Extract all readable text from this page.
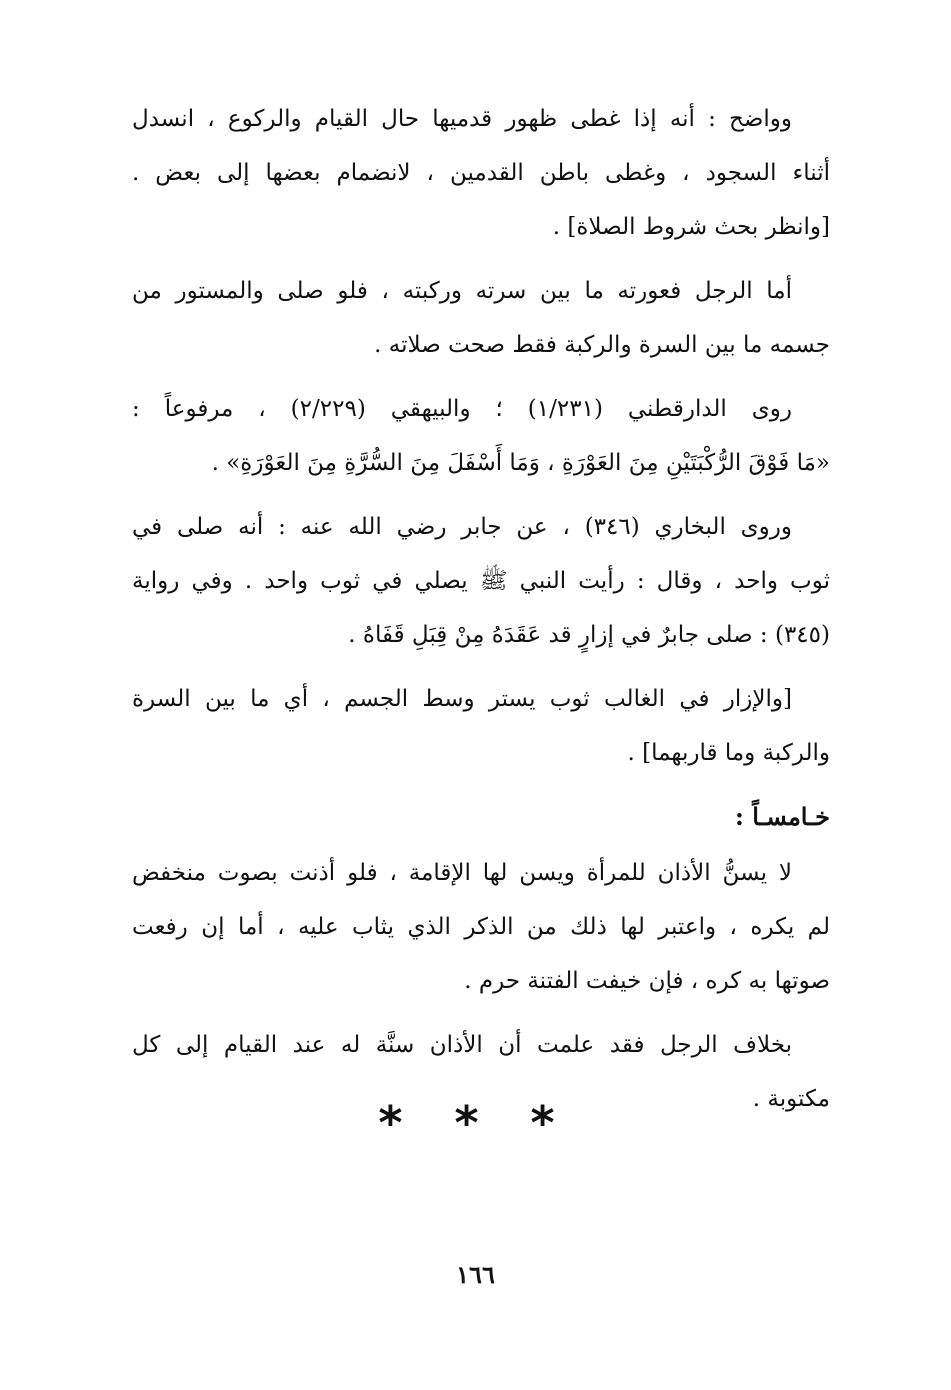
وواضح : أنه إذا غطى ظهور قدميها حال القيام والركوع ، انسدل
أثناء السجود ، وغطى باطن القدمين ، لانضمام بعضها إلى بعض .
[وانظر بحث شروط الصلاة] .
أما الرجل فعورته ما بين سرته وركبته ، فلو صلى والمستور من
جسمه ما بين السرة والركبة فقط صحت صلاته .
روى الدارقطني (١/٢٣١) ؛ والبيهقي (٢/٢٢٩) ، مرفوعاً :
«مَا فَوْقَ الرُّكْبَتَيْنِ مِنَ العَوْرَةِ ، وَمَا أَسْفَلَ مِنَ السُّرَّةِ مِنَ العَوْرَةِ» .
وروى البخاري (٣٤٦) ، عن جابر رضي الله عنه : أنه صلى في
ثوب واحد ، وقال : رأيت النبي ﷺ يصلي في ثوب واحد . وفي رواية
(٣٤٥) : صلى جابرٌ في إزارٍ قد عَقَدَهُ مِنْ قِبَلِ قَفَاهُ .
[والإزار في الغالب ثوب يستر وسط الجسم ، أي ما بين السرة
والركبة وما قاربهما] .
خـامسـاً :
لا يسنُّ الأذان للمرأة ويسن لها الإقامة ، فلو أذنت بصوت منخفض
لم يكره ، واعتبر لها ذلك من الذكر الذي يثاب عليه ، أما إن رفعت
صوتها به كره ، فإن خيفت الفتنة حرم .
بخلاف الرجل فقد علمت أن الأذان سنَّة له عند القيام إلى كل
مكتوبة .
* * *
١٦٦
